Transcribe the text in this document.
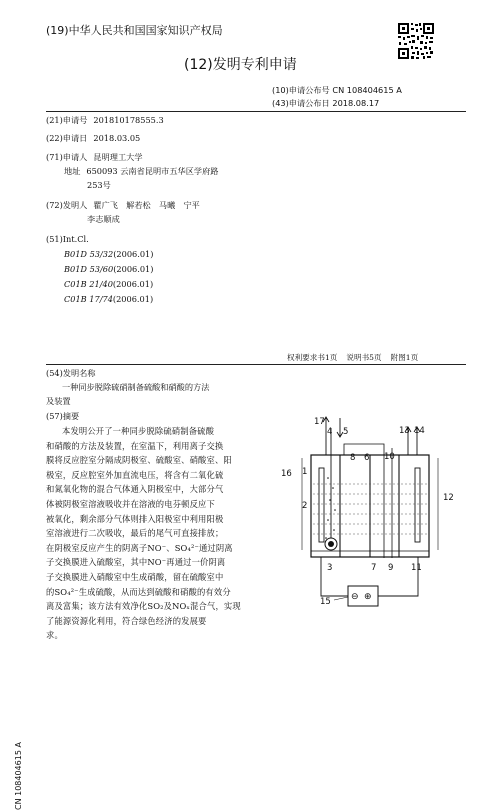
(19)中华人民共和国国家知识产权局
(12)发明专利申请
(10)申请公布号 CN 108404615 A
(43)申请公布日 2018.08.17
(21)申请号 201810178555.3
(22)申请日 2018.03.05
(71)申请人 昆明理工大学
地址 650093 云南省昆明市五华区学府路
253号
(72)发明人 瞿广飞　解若松　马曦　宁平
李志顺成
(51)Int.Cl.
B01D 53/32(2006.01)
B01D 53/60(2006.01)
C01B 21/40(2006.01)
C01B 17/74(2006.01)
权利要求书1页 说明书5页 附图1页
(54)发明名称
一种同步脱除硫硝制备硫酸和硝酸的方法
及装置
(57)摘要

本发明公开了一种同步脱除硫硝制备硫酸

和硝酸的方法及装置，在室温下，利用离子交换

膜将反应腔室分隔成阴极室、硫酸室、硝酸室、阳

极室，反应腔室外加直流电压，将含有二氧化硫

和氮氧化物的混合气体通入阴极室中，大部分气

体被阴极室溶液吸收并在溶液的电芬顿反应下

被氧化，剩余部分气体则排入阳极室中利用阳极

室溶液进行二次吸收，最后的尾气可直接排放；

在阴极室反应产生的阴离子NO⁻、SO₄²⁻通过阴离

子交换膜进入硫酸室，其中NO⁻再通过一价阴离

子交换膜进入硝酸室中生成硝酸，留在硫酸室中

的SO₄²⁻生成硫酸，从而达到硫酸和硝酸的有效分

离及富集；该方法有效净化SO₂及NOₓ混合气，实现

了能源资源化利用，符合绿色经济的发展要

求。

CN 108404615 A
⊖ ⊕
17
4 5
16 1
2
8 6 10
13 14
12
3	7 9 11
15
